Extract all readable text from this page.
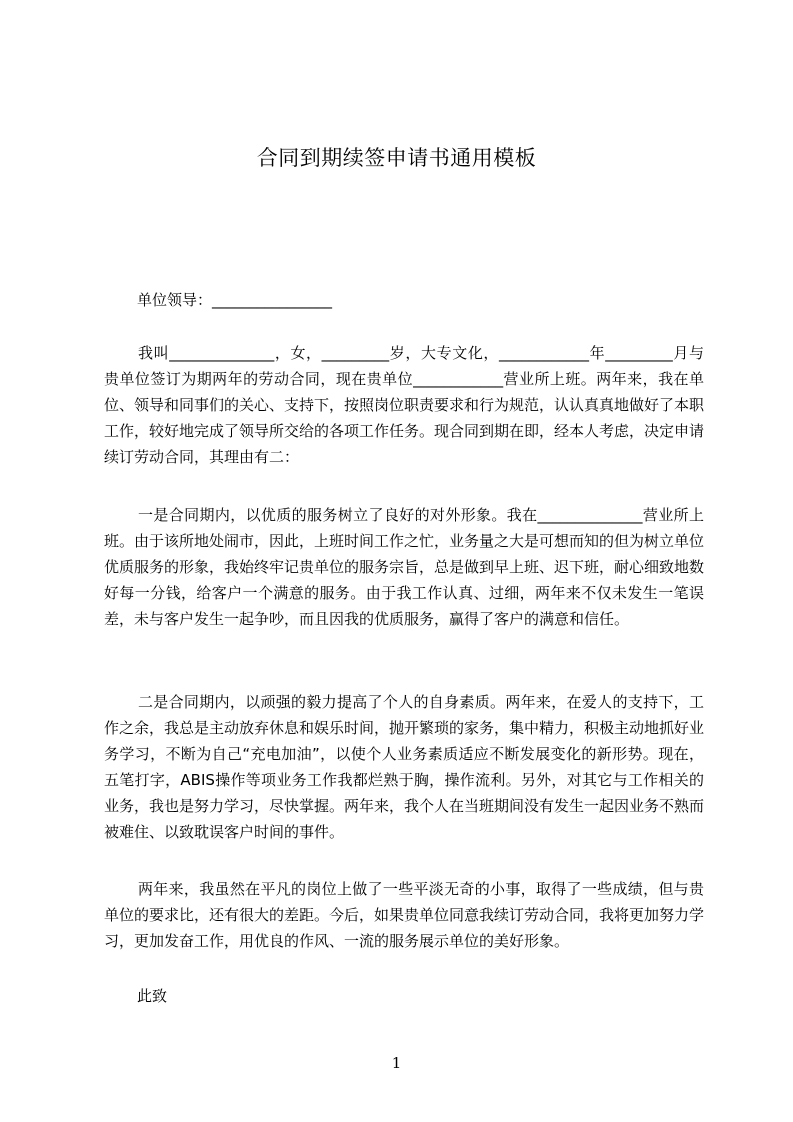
合同到期续签申请书通用模板
单位领导：________________

我叫______________，女，_________岁，大专文化，____________年_________月与贵单位签订为期两年的劳动合同，现在贵单位____________营业所上班。两年来，我在单位、领导和同事们的关心、支持下，按照岗位职责要求和行为规范，认认真真地做好了本职工作，较好地完成了领导所交给的各项工作任务。现合同到期在即，经本人考虑，决定申请续订劳动合同，其理由有二：

一是合同期内，以优质的服务树立了良好的对外形象。我在______________营业所上班。由于该所地处闹市，因此，上班时间工作之忙，业务量之大是可想而知的但为树立单位优质服务的形象，我始终牢记贵单位的服务宗旨，总是做到早上班、迟下班，耐心细致地数好每一分钱，给客户一个满意的服务。由于我工作认真、过细，两年来不仅未发生一笔误差，未与客户发生一起争吵，而且因我的优质服务，赢得了客户的满意和信任。

二是合同期内，以顽强的毅力提高了个人的自身素质。两年来，在爱人的支持下，工作之余，我总是主动放弃休息和娱乐时间，抛开繁琐的家务，集中精力，积极主动地抓好业务学习，不断为自己“充电加油”，以使个人业务素质适应不断发展变化的新形势。现在，五笔打字，ABIS操作等项业务工作我都烂熟于胸，操作流利。另外，对其它与工作相关的业务，我也是努力学习，尽快掌握。两年来，我个人在当班期间没有发生一起因业务不熟而被难住、以致耽误客户时间的事件。

两年来，我虽然在平凡的岗位上做了一些平淡无奇的小事，取得了一些成绩，但与贵单位的要求比，还有很大的差距。今后，如果贵单位同意我续订劳动合同，我将更加努力学习，更加发奋工作，用优良的作风、一流的服务展示单位的美好形象。

此致
1
